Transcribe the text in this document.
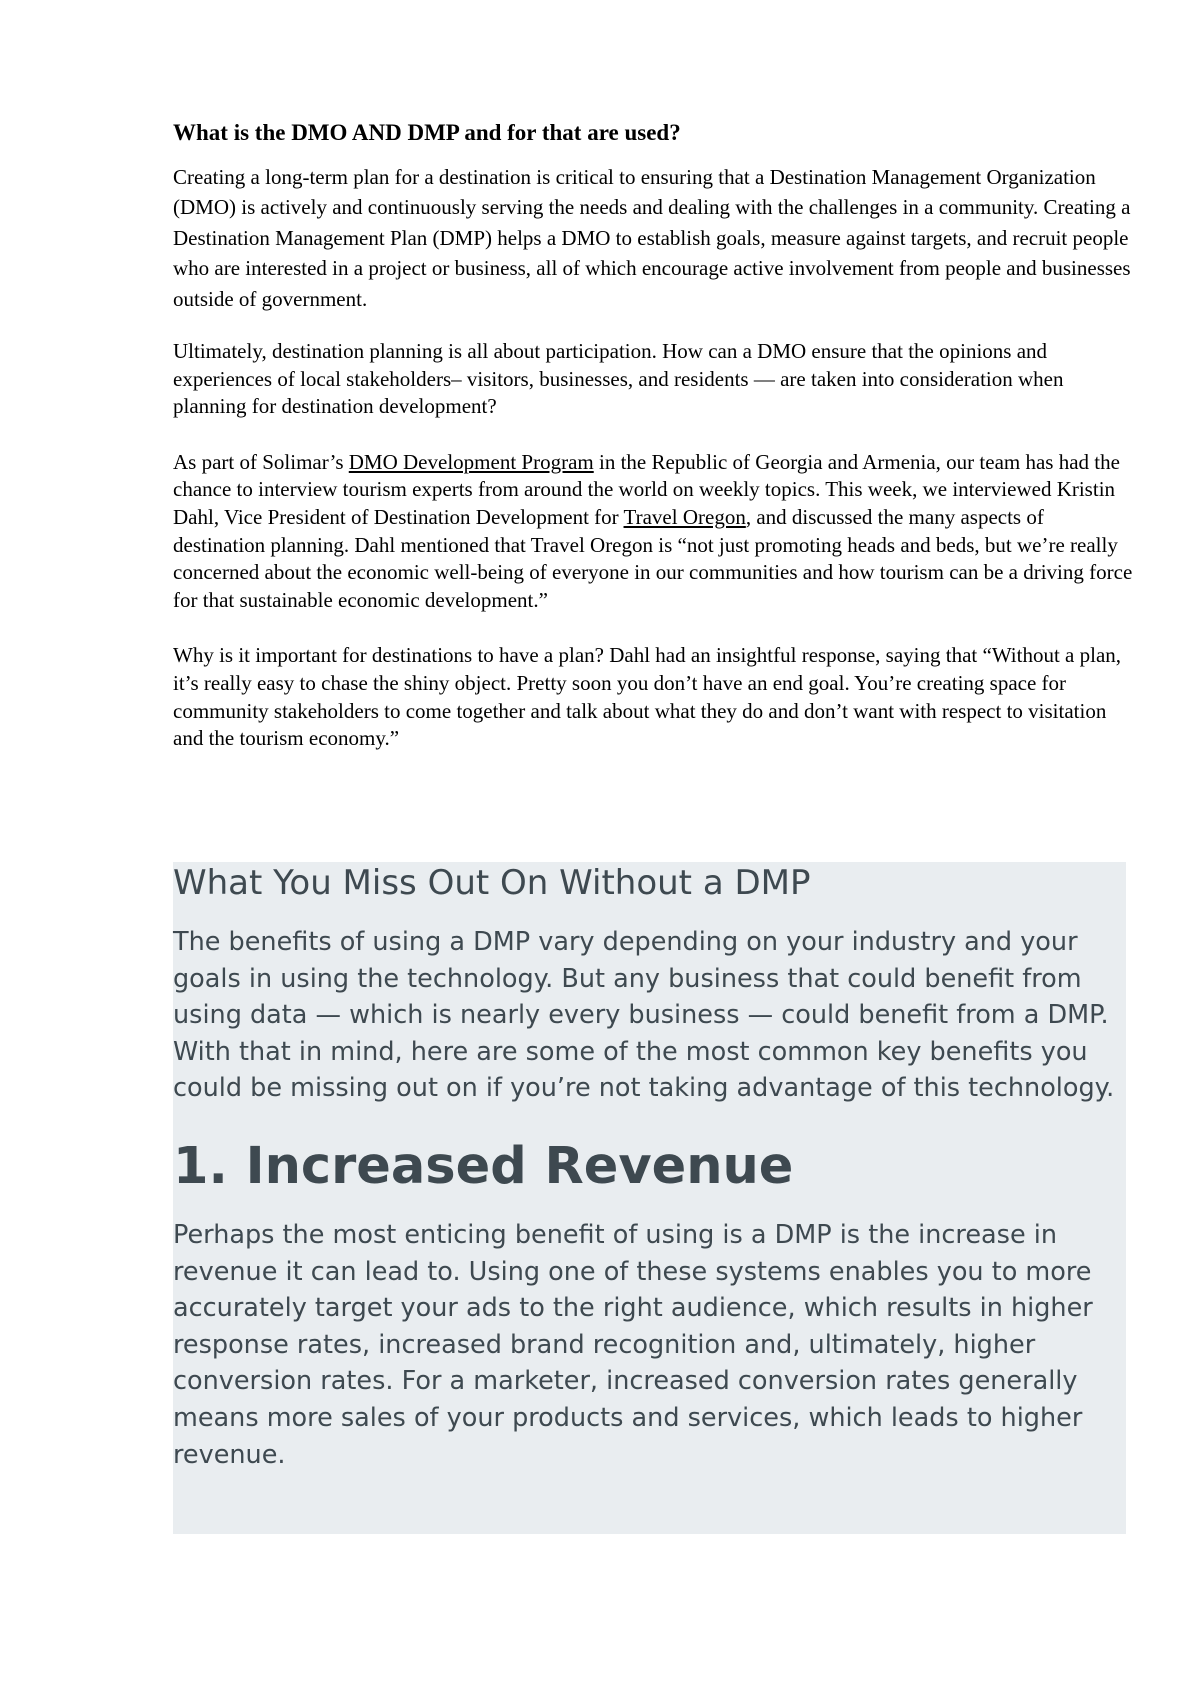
What is the DMO AND DMP and for that are used?

Creating a long-term plan for a destination is critical to ensuring that a Destination Management Organization (DMO) is actively and continuously serving the needs and dealing with the challenges in a community. Creating a Destination Management Plan (DMP) helps a DMO to establish goals, measure against targets, and recruit people who are interested in a project or business, all of which encourage active involvement from people and businesses outside of government.

Ultimately, destination planning is all about participation. How can a DMO ensure that the opinions and experiences of local stakeholders– visitors, businesses, and residents — are taken into consideration when planning for destination development?

As part of Solimar’s DMO Development Program in the Republic of Georgia and Armenia, our team has had the chance to interview tourism experts from around the world on weekly topics. This week, we interviewed Kristin Dahl, Vice President of Destination Development for Travel Oregon, and discussed the many aspects of destination planning. Dahl mentioned that Travel Oregon is “not just promoting heads and beds, but we’re really concerned about the economic well-being of everyone in our communities and how tourism can be a driving force for that sustainable economic development.”

Why is it important for destinations to have a plan? Dahl had an insightful response, saying that “Without a plan, it’s really easy to chase the shiny object. Pretty soon you don’t have an end goal. You’re creating space for community stakeholders to come together and talk about what they do and don’t want with respect to visitation and the tourism economy.”

What You Miss Out On Without a DMP

The benefits of using a DMP vary depending on your industry and your goals in using the technology. But any business that could benefit from using data — which is nearly every business — could benefit from a DMP. With that in mind, here are some of the most common key benefits you could be missing out on if you’re not taking advantage of this technology.

1. Increased Revenue

Perhaps the most enticing benefit of using is a DMP is the increase in revenue it can lead to. Using one of these systems enables you to more accurately target your ads to the right audience, which results in higher response rates, increased brand recognition and, ultimately, higher conversion rates. For a marketer, increased conversion rates generally means more sales of your products and services, which leads to higher revenue.
